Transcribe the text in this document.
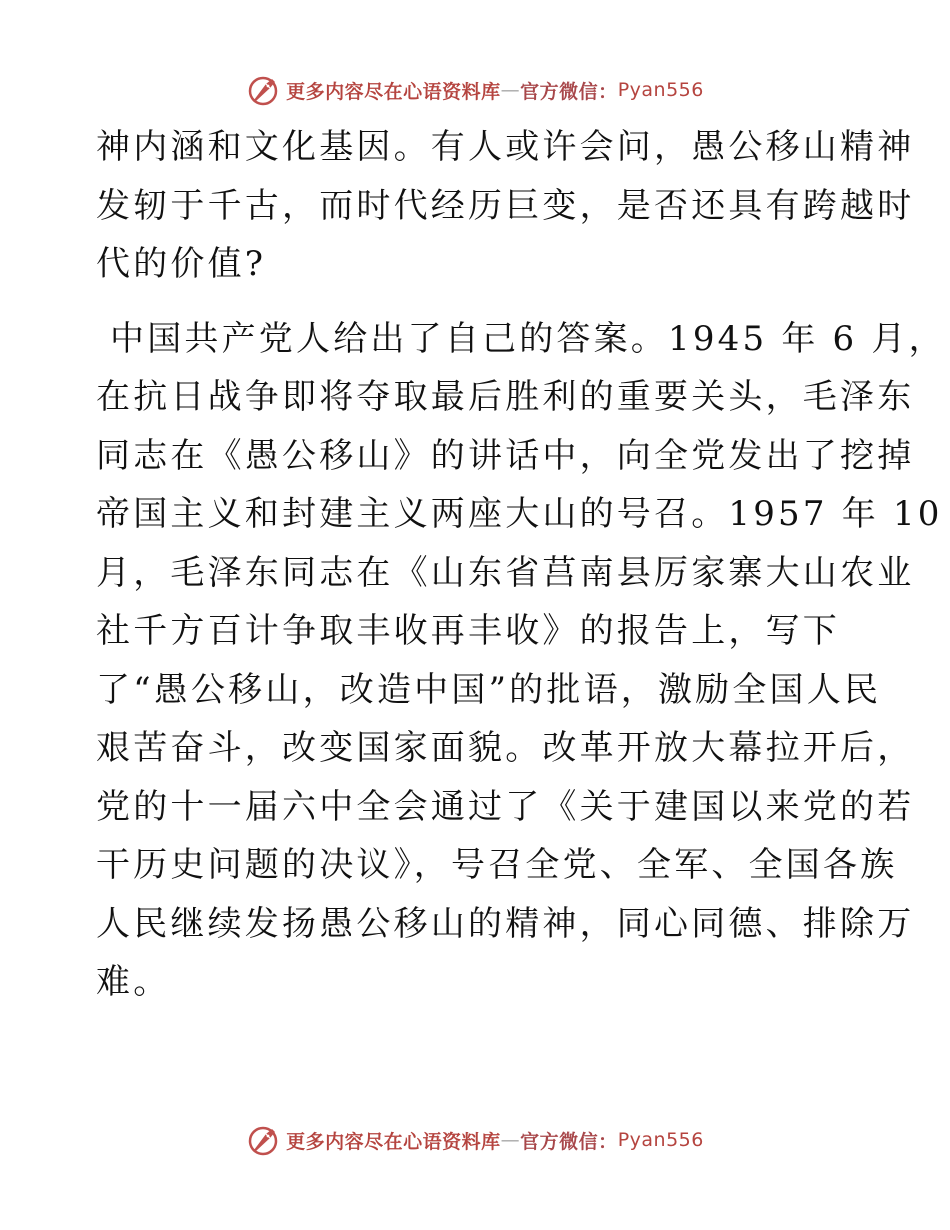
更多内容尽在心语资料库 — 官方微信： Pyan556

神内涵和文化基因。有人或许会问，愚公移山精神
发轫于千古，而时代经历巨变，是否还具有跨越时
代的价值?

中国共产党人给出了自己的答案。1945 年 6 月，
在抗日战争即将夺取最后胜利的重要关头，毛泽东
同志在《愚公移山》的讲话中，向全党发出了挖掉
帝国主义和封建主义两座大山的号召。1957 年 10
月，毛泽东同志在《山东省莒南县厉家寨大山农业
社千方百计争取丰收再丰收》的报告上，写下
了“愚公移山，改造中国”的批语，激励全国人民
艰苦奋斗，改变国家面貌。改革开放大幕拉开后，
党的十一届六中全会通过了《关于建国以来党的若
干历史问题的决议》，号召全党、全军、全国各族
人民继续发扬愚公移山的精神，同心同德、排除万
难。

更多内容尽在心语资料库 — 官方微信： Pyan556
